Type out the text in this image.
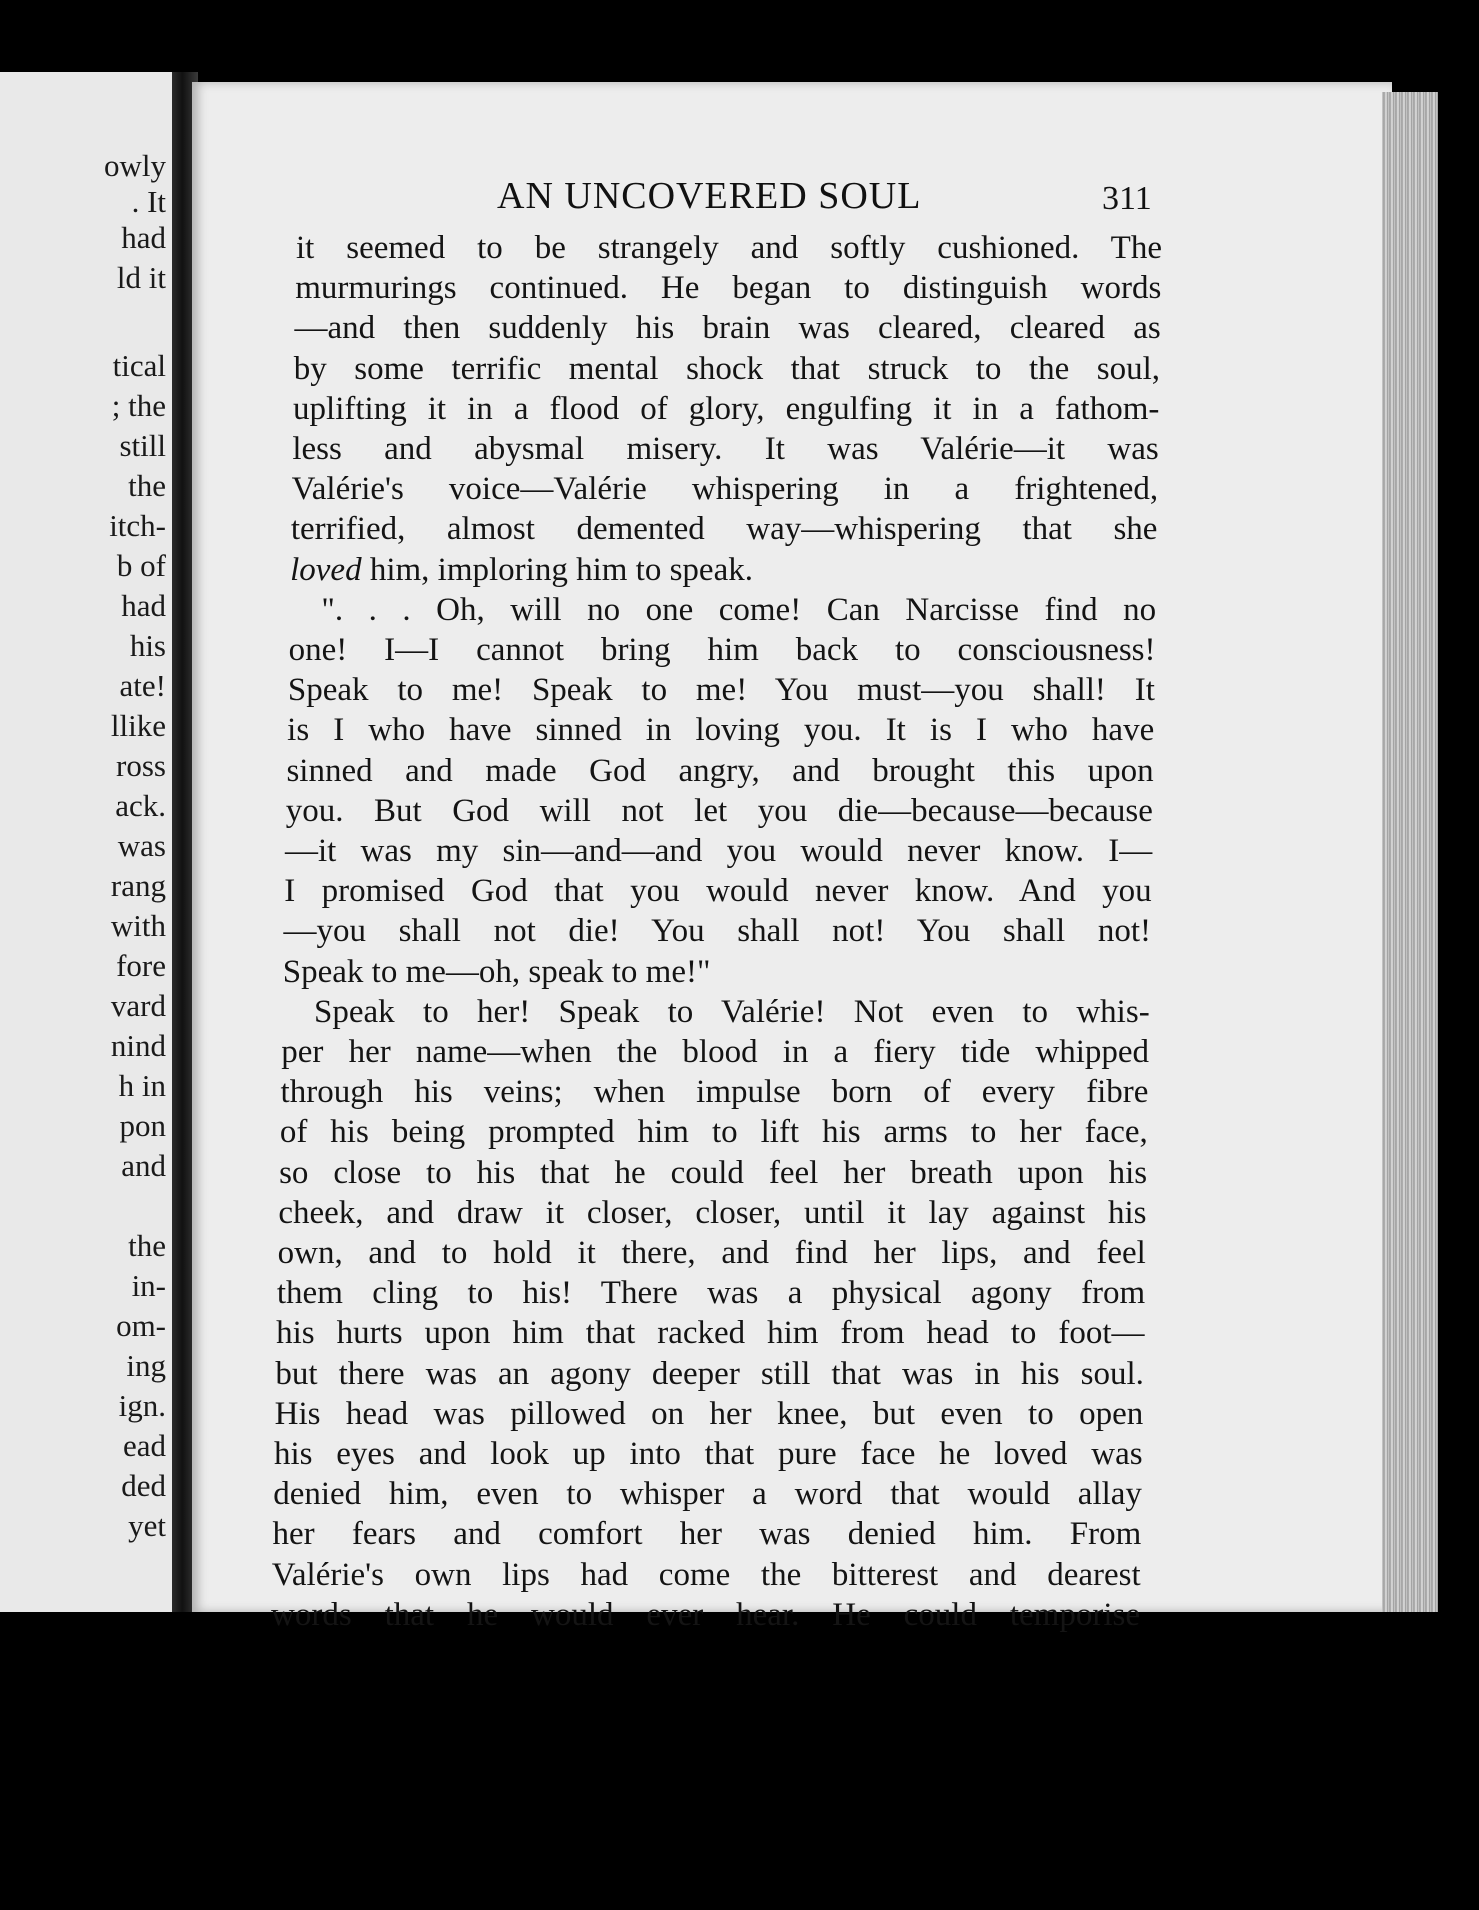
owly
. It
had
ld it
tical
; the
still
the
itch-
b of
had
his
ate!
llike
ross
ack.
was
rang
with
fore
vard
nind
h in
pon
and
the
in-
om-
ing
ign.
ead
ded
yet
AN UNCOVERED SOUL	311
it seemed to be strangely and softly cushioned. The
murmurings continued. He began to distinguish words
—and then suddenly his brain was cleared, cleared as
by some terrific mental shock that struck to the soul,
uplifting it in a flood of glory, engulfing it in a fathom-
less and abysmal misery. It was Valérie—it was
Valérie's voice—Valérie whispering in a frightened,
terrified, almost demented way—whispering that she
loved him, imploring him to speak.
". . . Oh, will no one come! Can Narcisse find no
one! I—I cannot bring him back to consciousness!
Speak to me! Speak to me! You must—you shall! It
is I who have sinned in loving you. It is I who have
sinned and made God angry, and brought this upon
you. But God will not let you die—because—because
—it was my sin—and—and you would never know. I—
I promised God that you would never know. And you
—you shall not die! You shall not! You shall not!
Speak to me—oh, speak to me!"
Speak to her! Speak to Valérie! Not even to whis-
per her name—when the blood in a fiery tide whipped
through his veins; when impulse born of every fibre
of his being prompted him to lift his arms to her face,
so close to his that he could feel her breath upon his
cheek, and draw it closer, closer, until it lay against his
own, and to hold it there, and find her lips, and feel
them cling to his! There was a physical agony from
his hurts upon him that racked him from head to foot—
but there was an agony deeper still that was in his soul.
His head was pillowed on her knee, but even to open
his eyes and look up into that pure face he loved was
denied him, even to whisper a word that would allay
her fears and comfort her was denied him. From
Valérie's own lips had come the bitterest and dearest
words that he would ever hear. He could temporise
